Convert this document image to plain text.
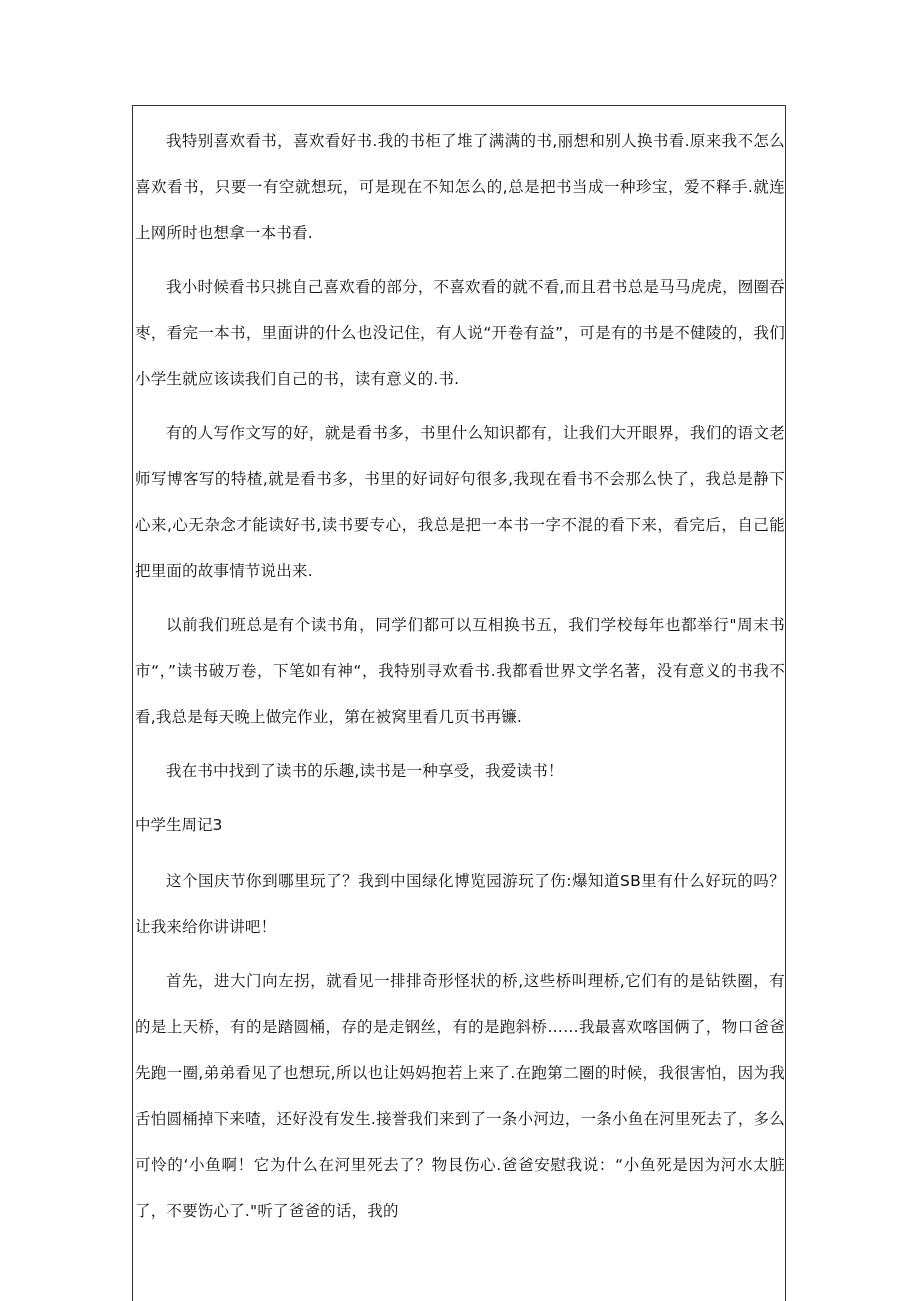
我特别喜欢看书，喜欢看好书.我的书柜了堆了满满的书,丽想和别人换书看.原来我不怎么喜欢看书，只要一有空就想玩，可是现在不知怎么的,总是把书当成一种珍宝，爱不释手.就连上网所时也想拿一本书看.

我小时候看书只挑自己喜欢看的部分，不喜欢看的就不看,而且君书总是马马虎虎，囫圈吞枣，看完一本书，里面讲的什么也没记住，有人说“开卷有益”，可是有的书是不健陵的，我们小学生就应该读我们自己的书，读有意义的.书.

有的人写作文写的好，就是看书多，书里什么知识都有，让我们大开眼界，我们的语文老师写博客写的特楂,就是看书多，书里的好词好句很多,我现在看书不会那么快了，我总是静下心来,心无杂念才能读好书,读书要专心，我总是把一本书一字不混的看下来，看完后，自己能把里面的故事情节说出来.

以前我们班总是有个读书角，同学们都可以互相换书五，我们学校每年也都举行"周末书市“，”读书破万卷，下笔如有神“，我特别寻欢看书.我都看世界文学名著，没有意义的书我不看,我总是每天晚上做完作业，第在被窝里看几页书再镰.

我在书中找到了读书的乐趣,读书是一种享受，我爱读书！

中学生周记3

这个国庆节你到哪里玩了？我到中国绿化博览园游玩了伤:爆知道SB里有什么好玩的吗？让我来给你讲讲吧！

首先，进大门向左拐，就看见一排排奇形怪状的桥,这些桥叫理桥,它们有的是钻铁圈，有的是上天桥，有的是踏圆桶，存的是走钢丝，有的是跑斜桥……我最喜欢喀国俩了，物口爸爸先跑一圈,弟弟看见了也想玩,所以也让妈妈抱若上来了.在跑第二圈的时候，我很害怕，因为我舌怕圆桶掉下来喳，还好没有发生.接誉我们来到了一条小河边，一条小鱼在河里死去了，多么可怜的‘小鱼啊！它为什么在河里死去了？物艮伤心.爸爸安慰我说：“小鱼死是因为河水太脏了，不要饬心了."听了爸爸的话，我的
